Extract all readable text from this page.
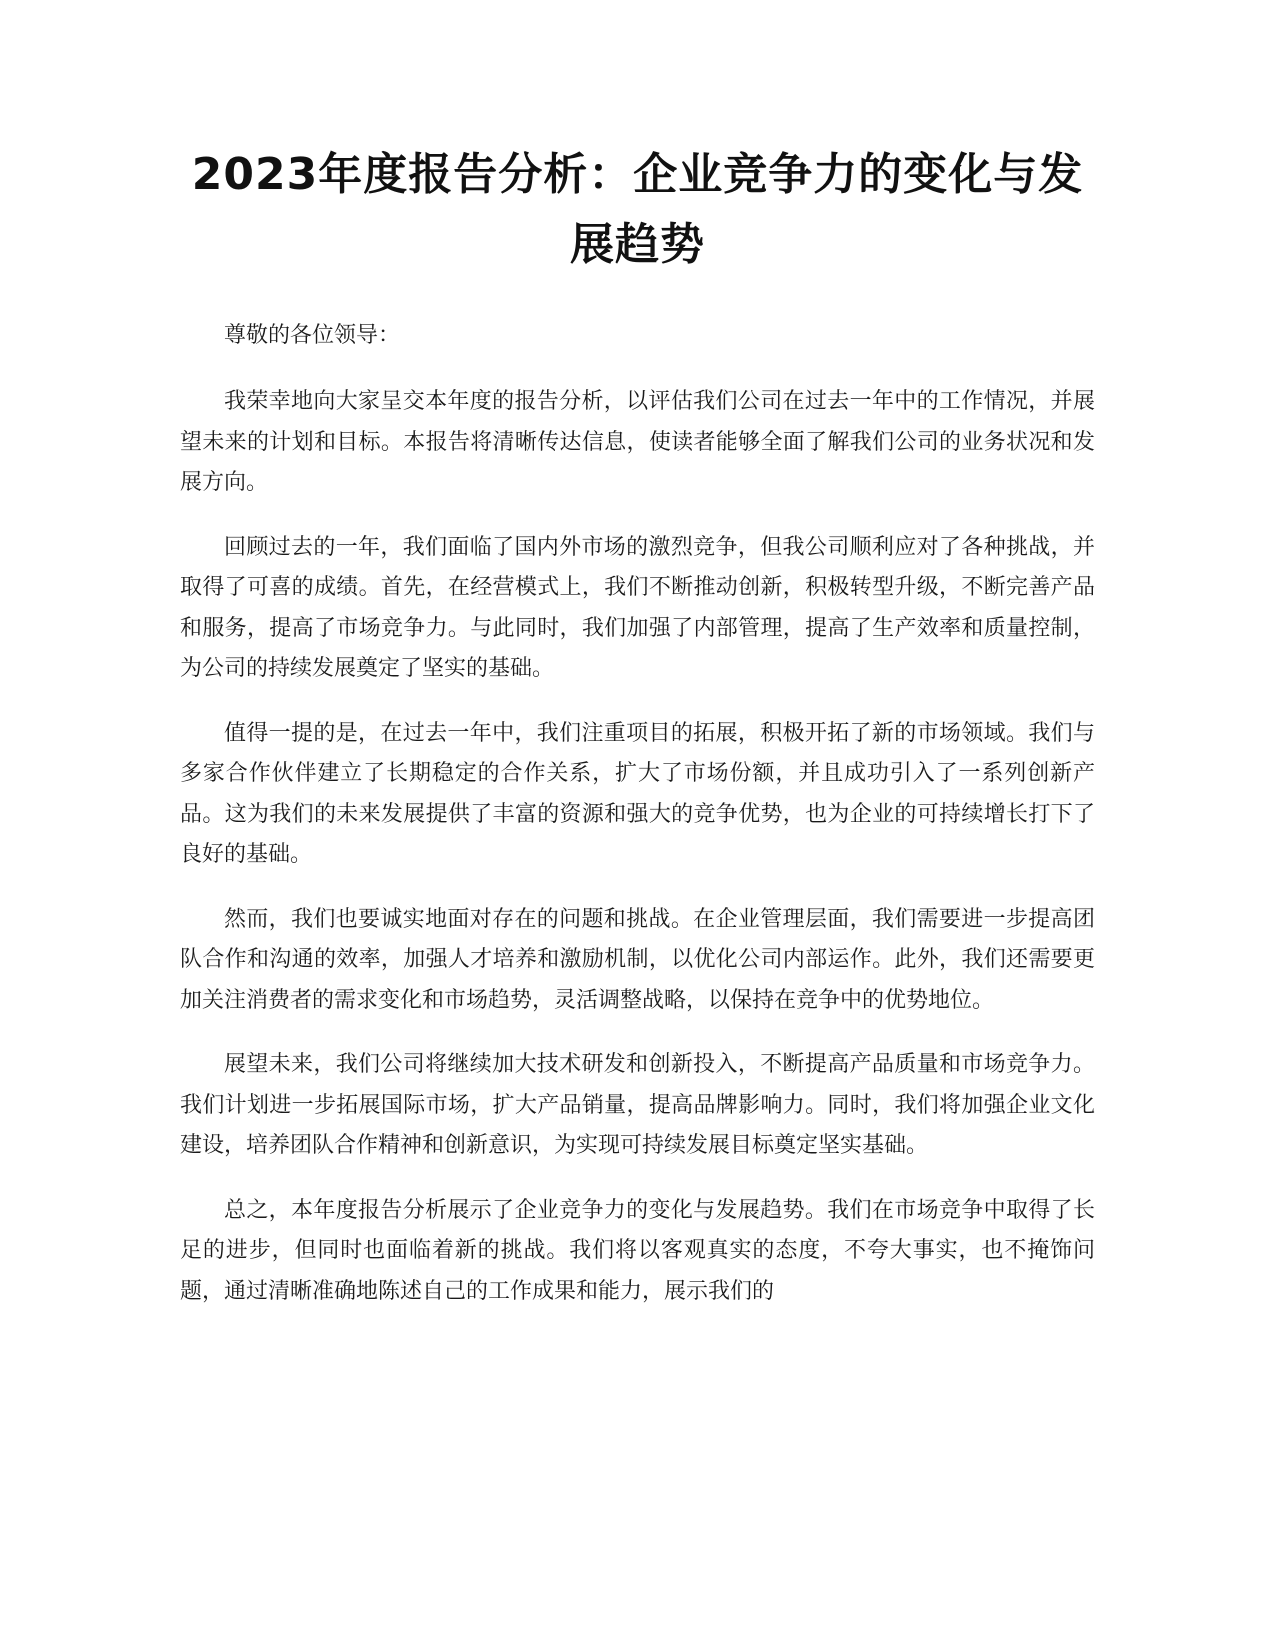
2023年度报告分析：企业竞争力的变化与发展趋势

尊敬的各位领导：

我荣幸地向大家呈交本年度的报告分析，以评估我们公司在过去一年中的工作情况，并展望未来的计划和目标。本报告将清晰传达信息，使读者能够全面了解我们公司的业务状况和发展方向。

回顾过去的一年，我们面临了国内外市场的激烈竞争，但我公司顺利应对了各种挑战，并取得了可喜的成绩。首先，在经营模式上，我们不断推动创新，积极转型升级，不断完善产品和服务，提高了市场竞争力。与此同时，我们加强了内部管理，提高了生产效率和质量控制，为公司的持续发展奠定了坚实的基础。

值得一提的是，在过去一年中，我们注重项目的拓展，积极开拓了新的市场领域。我们与多家合作伙伴建立了长期稳定的合作关系，扩大了市场份额，并且成功引入了一系列创新产品。这为我们的未来发展提供了丰富的资源和强大的竞争优势，也为企业的可持续增长打下了良好的基础。

然而，我们也要诚实地面对存在的问题和挑战。在企业管理层面，我们需要进一步提高团队合作和沟通的效率，加强人才培养和激励机制，以优化公司内部运作。此外，我们还需要更加关注消费者的需求变化和市场趋势，灵活调整战略，以保持在竞争中的优势地位。

展望未来，我们公司将继续加大技术研发和创新投入，不断提高产品质量和市场竞争力。我们计划进一步拓展国际市场，扩大产品销量，提高品牌影响力。同时，我们将加强企业文化建设，培养团队合作精神和创新意识，为实现可持续发展目标奠定坚实基础。

总之，本年度报告分析展示了企业竞争力的变化与发展趋势。我们在市场竞争中取得了长足的进步，但同时也面临着新的挑战。我们将以客观真实的态度，不夸大事实，也不掩饰问题，通过清晰准确地陈述自己的工作成果和能力，展示我们的
